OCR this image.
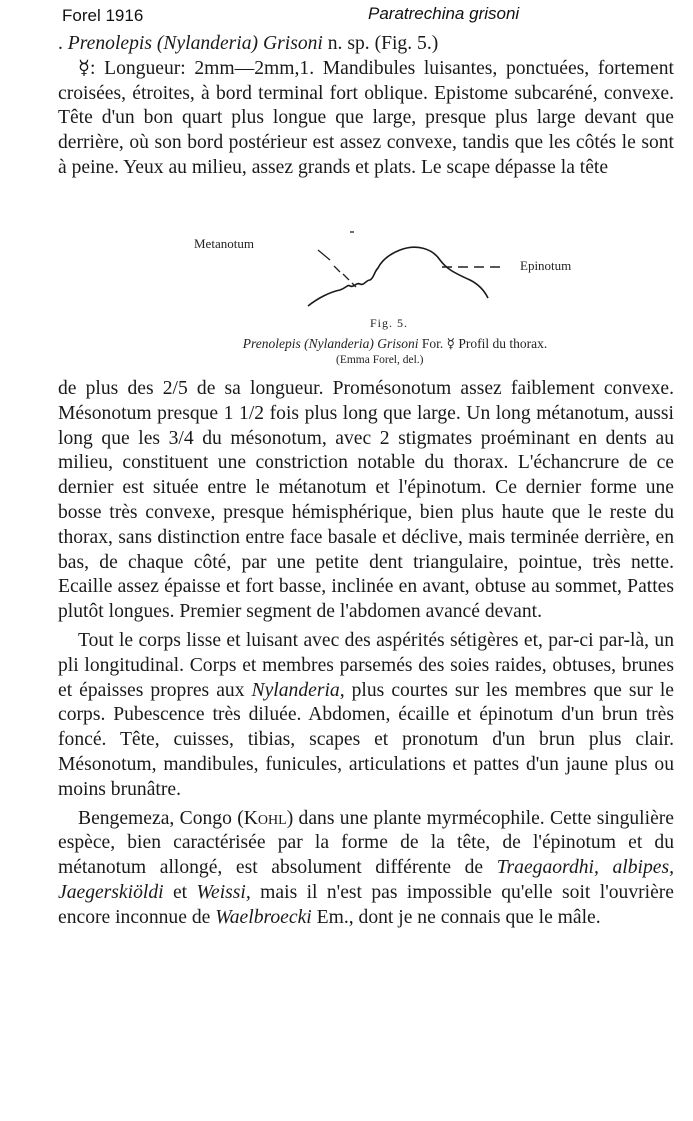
Forel 1916	Paratrechina grisoni

. Prenolepis (Nylanderia) Grisoni n. sp. (Fig. 5.)

☿: Longueur: 2mm—2mm,1. Mandibules luisantes, ponctuées, fortement croisées, étroites, à bord terminal fort oblique. Epistome subcaréné, convexe. Tête d'un bon quart plus longue que large, presque plus large devant que derrière, où son bord postérieur est assez convexe, tandis que les côtés le sont à peine. Yeux au milieu, assez grands et plats. Le scape dépasse la tête

Metanotum
Epinotum
Fig. 5.
Prenolepis (Nylanderia) Grisoni For. ☿ Profil du thorax.
(Emma Forel, del.)

de plus des 2/5 de sa longueur. Promésonotum assez faiblement convexe. Mésonotum presque 1 1/2 fois plus long que large. Un long métanotum, aussi long que les 3/4 du mésonotum, avec 2 stigmates proéminant en dents au milieu, constituent une constriction notable du thorax. L'échancrure de ce dernier est située entre le métanotum et l'épinotum. Ce dernier forme une bosse très convexe, presque hémisphérique, bien plus haute que le reste du thorax, sans distinction entre face basale et déclive, mais terminée derrière, en bas, de chaque côté, par une petite dent triangulaire, pointue, très nette. Ecaille assez épaisse et fort basse, inclinée en avant, obtuse au sommet, Pattes plutôt longues. Premier segment de l'abdomen avancé devant.

Tout le corps lisse et luisant avec des aspérités sétigères et, par-ci par-là, un pli longitudinal. Corps et membres parsemés des soies raides, obtuses, brunes et épaisses propres aux Nylanderia, plus courtes sur les membres que sur le corps. Pubescence très diluée. Abdomen, écaille et épinotum d'un brun très foncé. Tête, cuisses, tibias, scapes et pronotum d'un brun plus clair. Mésonotum, mandibules, funicules, articulations et pattes d'un jaune plus ou moins brunâtre.

Bengemeza, Congo (Kohl) dans une plante myrmécophile. Cette singulière espèce, bien caractérisée par la forme de la tête, de l'épinotum et du métanotum allongé, est absolument différente de Traegaordhi, albipes, Jaegerskiöldi et Weissi, mais il n'est pas impossible qu'elle soit l'ouvrière encore inconnue de Waelbroecki Em., dont je ne connais que le mâle.
